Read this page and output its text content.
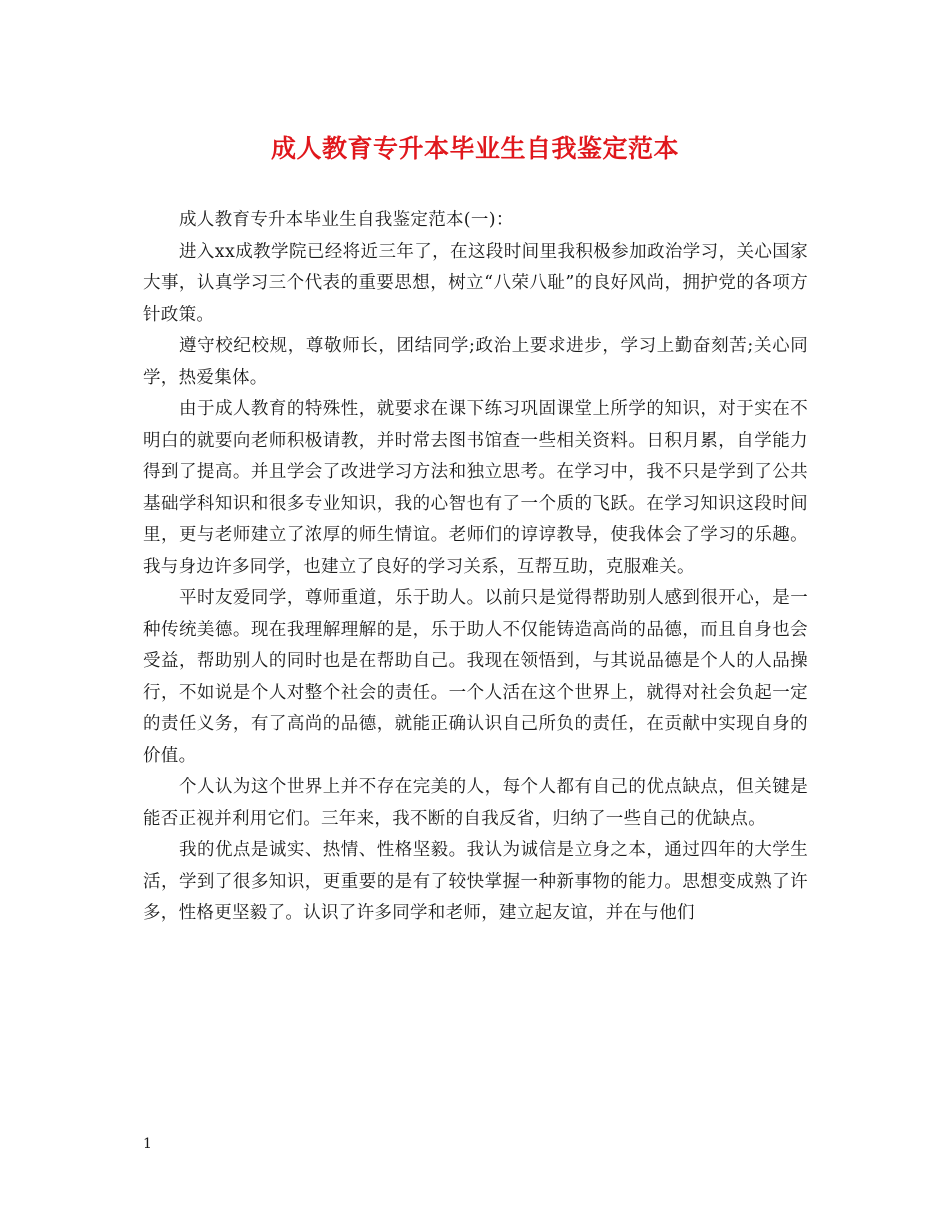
成人教育专升本毕业生自我鉴定范本

成人教育专升本毕业生自我鉴定范本(一)：

进入xx成教学院已经将近三年了，在这段时间里我积极参加政治学习，关心国家大事，认真学习三个代表的重要思想，树立“八荣八耻”的良好风尚，拥护党的各项方针政策。

遵守校纪校规，尊敬师长，团结同学;政治上要求进步，学习上勤奋刻苦;关心同学，热爱集体。

由于成人教育的特殊性，就要求在课下练习巩固课堂上所学的知识，对于实在不明白的就要向老师积极请教，并时常去图书馆查一些相关资料。日积月累，自学能力得到了提高。并且学会了改进学习方法和独立思考。在学习中，我不只是学到了公共基础学科知识和很多专业知识，我的心智也有了一个质的飞跃。在学习知识这段时间里，更与老师建立了浓厚的师生情谊。老师们的谆谆教导，使我体会了学习的乐趣。我与身边许多同学，也建立了良好的学习关系，互帮互助，克服难关。

平时友爱同学，尊师重道，乐于助人。以前只是觉得帮助别人感到很开心，是一种传统美德。现在我理解理解的是，乐于助人不仅能铸造高尚的品德，而且自身也会受益，帮助别人的同时也是在帮助自己。我现在领悟到，与其说品德是个人的人品操行，不如说是个人对整个社会的责任。一个人活在这个世界上，就得对社会负起一定的责任义务，有了高尚的品德，就能正确认识自己所负的责任，在贡献中实现自身的价值。

个人认为这个世界上并不存在完美的人，每个人都有自己的优点缺点，但关键是能否正视并利用它们。三年来，我不断的自我反省，归纳了一些自己的优缺点。

我的优点是诚实、热情、性格坚毅。我认为诚信是立身之本，通过四年的大学生活，学到了很多知识，更重要的是有了较快掌握一种新事物的能力。思想变成熟了许多，性格更坚毅了。认识了许多同学和老师，建立起友谊，并在与他们

1
